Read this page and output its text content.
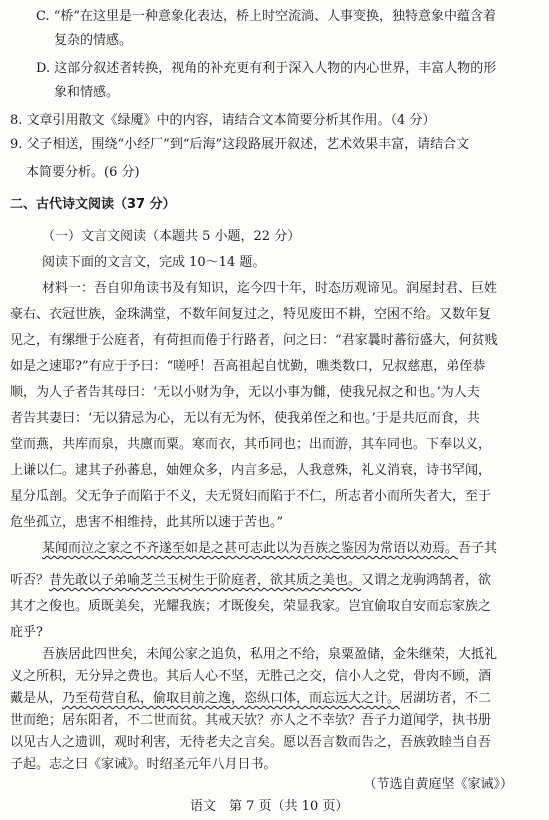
C. “桥”在这里是一种意象化表达，桥上时空流淌、人事变换，独特意象中蕴含着
复杂的情感。
D. 这部分叙述者转换，视角的补充更有利于深入人物的内心世界，丰富人物的形
象和情感。
8. 文章引用散文《绿魇》中的内容，请结合文本简要分析其作用。（4 分）
9. 父子相送，围绕“小经厂”到“后海”这段路展开叙述，艺术效果丰富，请结合文
本简要分析。(6 分)
二、古代诗文阅读（37 分）
（一）文言文阅读（本题共 5 小题，22 分）
阅读下面的文言文，完成 10～14 题。
材料一：吾自卯角读书及有知识，迄今四十年，时态历观谛见。润屋封君、巨姓
豪右、衣冠世族，金珠满堂，不数年间复过之，特见废田不耕，空困不给。又数年复
见之，有缧绁于公庭者，有荷担而倦于行路者，问之曰：“君家曩时蕃衍盛大，何贫贱
如是之速耶?”有应于予曰：“嗟呼！吾高祖起自忧勤，噍类数口，兄叔慈惠，弟侄恭
顺，为人子者告其母曰：‘无以小财为争，无以小事为雠，使我兄叔之和也。’为人夫
者告其妻曰：‘无以猜忌为心，无以有无为怀，使我弟侄之和也。’于是共厄而食，共
堂而燕，共库而泉，共廪而粟。寒而衣，其币同也；出而游，其车同也。下奉以义，
上谦以仁。逮其子孙蕃息，妯娌众多，内言多忌，人我意殊，礼义消衰，诗书罕闻，
星分瓜剖。父无争子而陷于不义，夫无贤妇而陷于不仁，所志者小而所失者大，至于
危坐孤立，患害不相维持，此其所以速于苦也。”
某闻而泣之家之不齐遂至如是之甚可志此以为吾族之鉴因为常语以劝焉。吾子其
听否？昔先敢以子弟喻芝兰玉树生于阶庭者，欲其质之美也。又谓之龙驹鸿鹄者，欲
其才之俊也。质既美矣，光耀我族；才既俊矣，荣显我家。岂宜偷取自安而忘家族之
庇乎?
吾族居此四世矣，未闻公家之追负，私用之不给，泉粟盈储，金朱继荣，大抵礼
义之所积，无分异之费也。其后人心不坚，无胜己之交，信小人之党，骨肉不顾，酒
戴是从，乃至苟营自私，偷取目前之逸，恣纵口体，而忘远大之计。居湖坊者，不二
世而绝；居东阳者，不二世而贫。其戒天欤？亦人之不幸欤？吾子力道闻学，执书册
以见古人之遗训，观时利害，无待老夫之言矣。愿以吾言数而告之，吾族敦睦当自吾
子起。志之曰《家诫》。时绍圣元年八月日书。
（节选自黄庭坚《家诫》）
语文　第 7 页（共 10 页）
